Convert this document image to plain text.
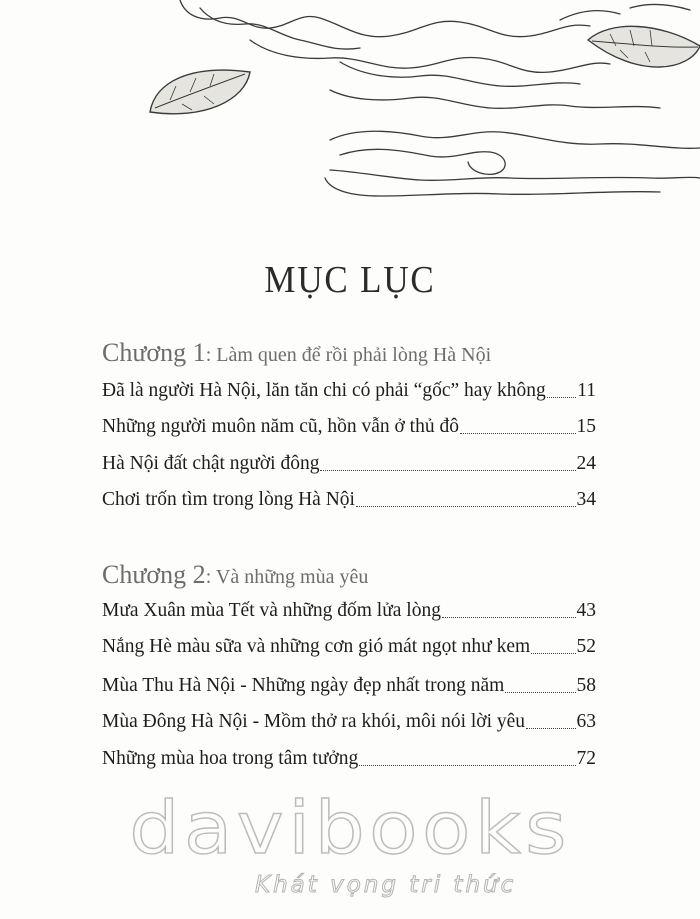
MỤC LỤC
Chương 1: Làm quen để rồi phải lòng Hà Nội
Đã là người Hà Nội, lăn tăn chi có phải “gốc” hay không 11
Những người muôn năm cũ, hồn vẫn ở thủ đô	15
Hà Nội đất chật người đông	24
Chơi trốn tìm trong lòng Hà Nội	34
Chương 2: Và những mùa yêu
Mưa Xuân mùa Tết và những đốm lửa lòng	43
Nắng Hè màu sữa và những cơn gió mát ngọt như kem 52
Mùa Thu Hà Nội - Những ngày đẹp nhất trong năm	58
Mùa Đông Hà Nội - Mồm thở ra khói, môi nói lời yêu	63
Những mùa hoa trong tâm tưởng	72
davibooks
Khát vọng tri thức
